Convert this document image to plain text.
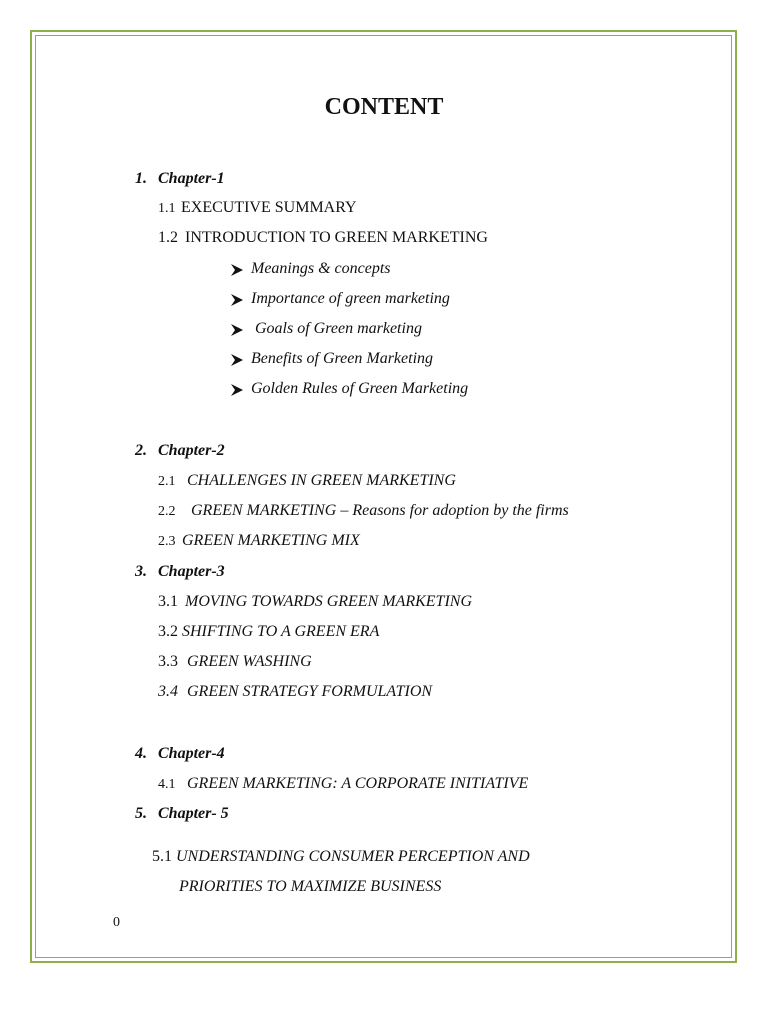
CONTENT
1. Chapter-1
1.1 EXECUTIVE SUMMARY
1.2 INTRODUCTION TO GREEN MARKETING
Meanings & concepts
Importance of green marketing
Goals of Green marketing
Benefits of Green Marketing
Golden Rules of Green Marketing
2. Chapter-2
2.1 CHALLENGES IN GREEN MARKETING
2.2 GREEN MARKETING – Reasons for adoption by the firms
2.3 GREEN MARKETING MIX
3. Chapter-3
3.1 MOVING TOWARDS GREEN MARKETING
3.2 SHIFTING TO A GREEN ERA
3.3 GREEN WASHING
3.4 GREEN STRATEGY FORMULATION
4. Chapter-4
4.1 GREEN MARKETING: A CORPORATE INITIATIVE
5. Chapter- 5
5.1 UNDERSTANDING CONSUMER PERCEPTION AND
PRIORITIES TO MAXIMIZE BUSINESS
0
